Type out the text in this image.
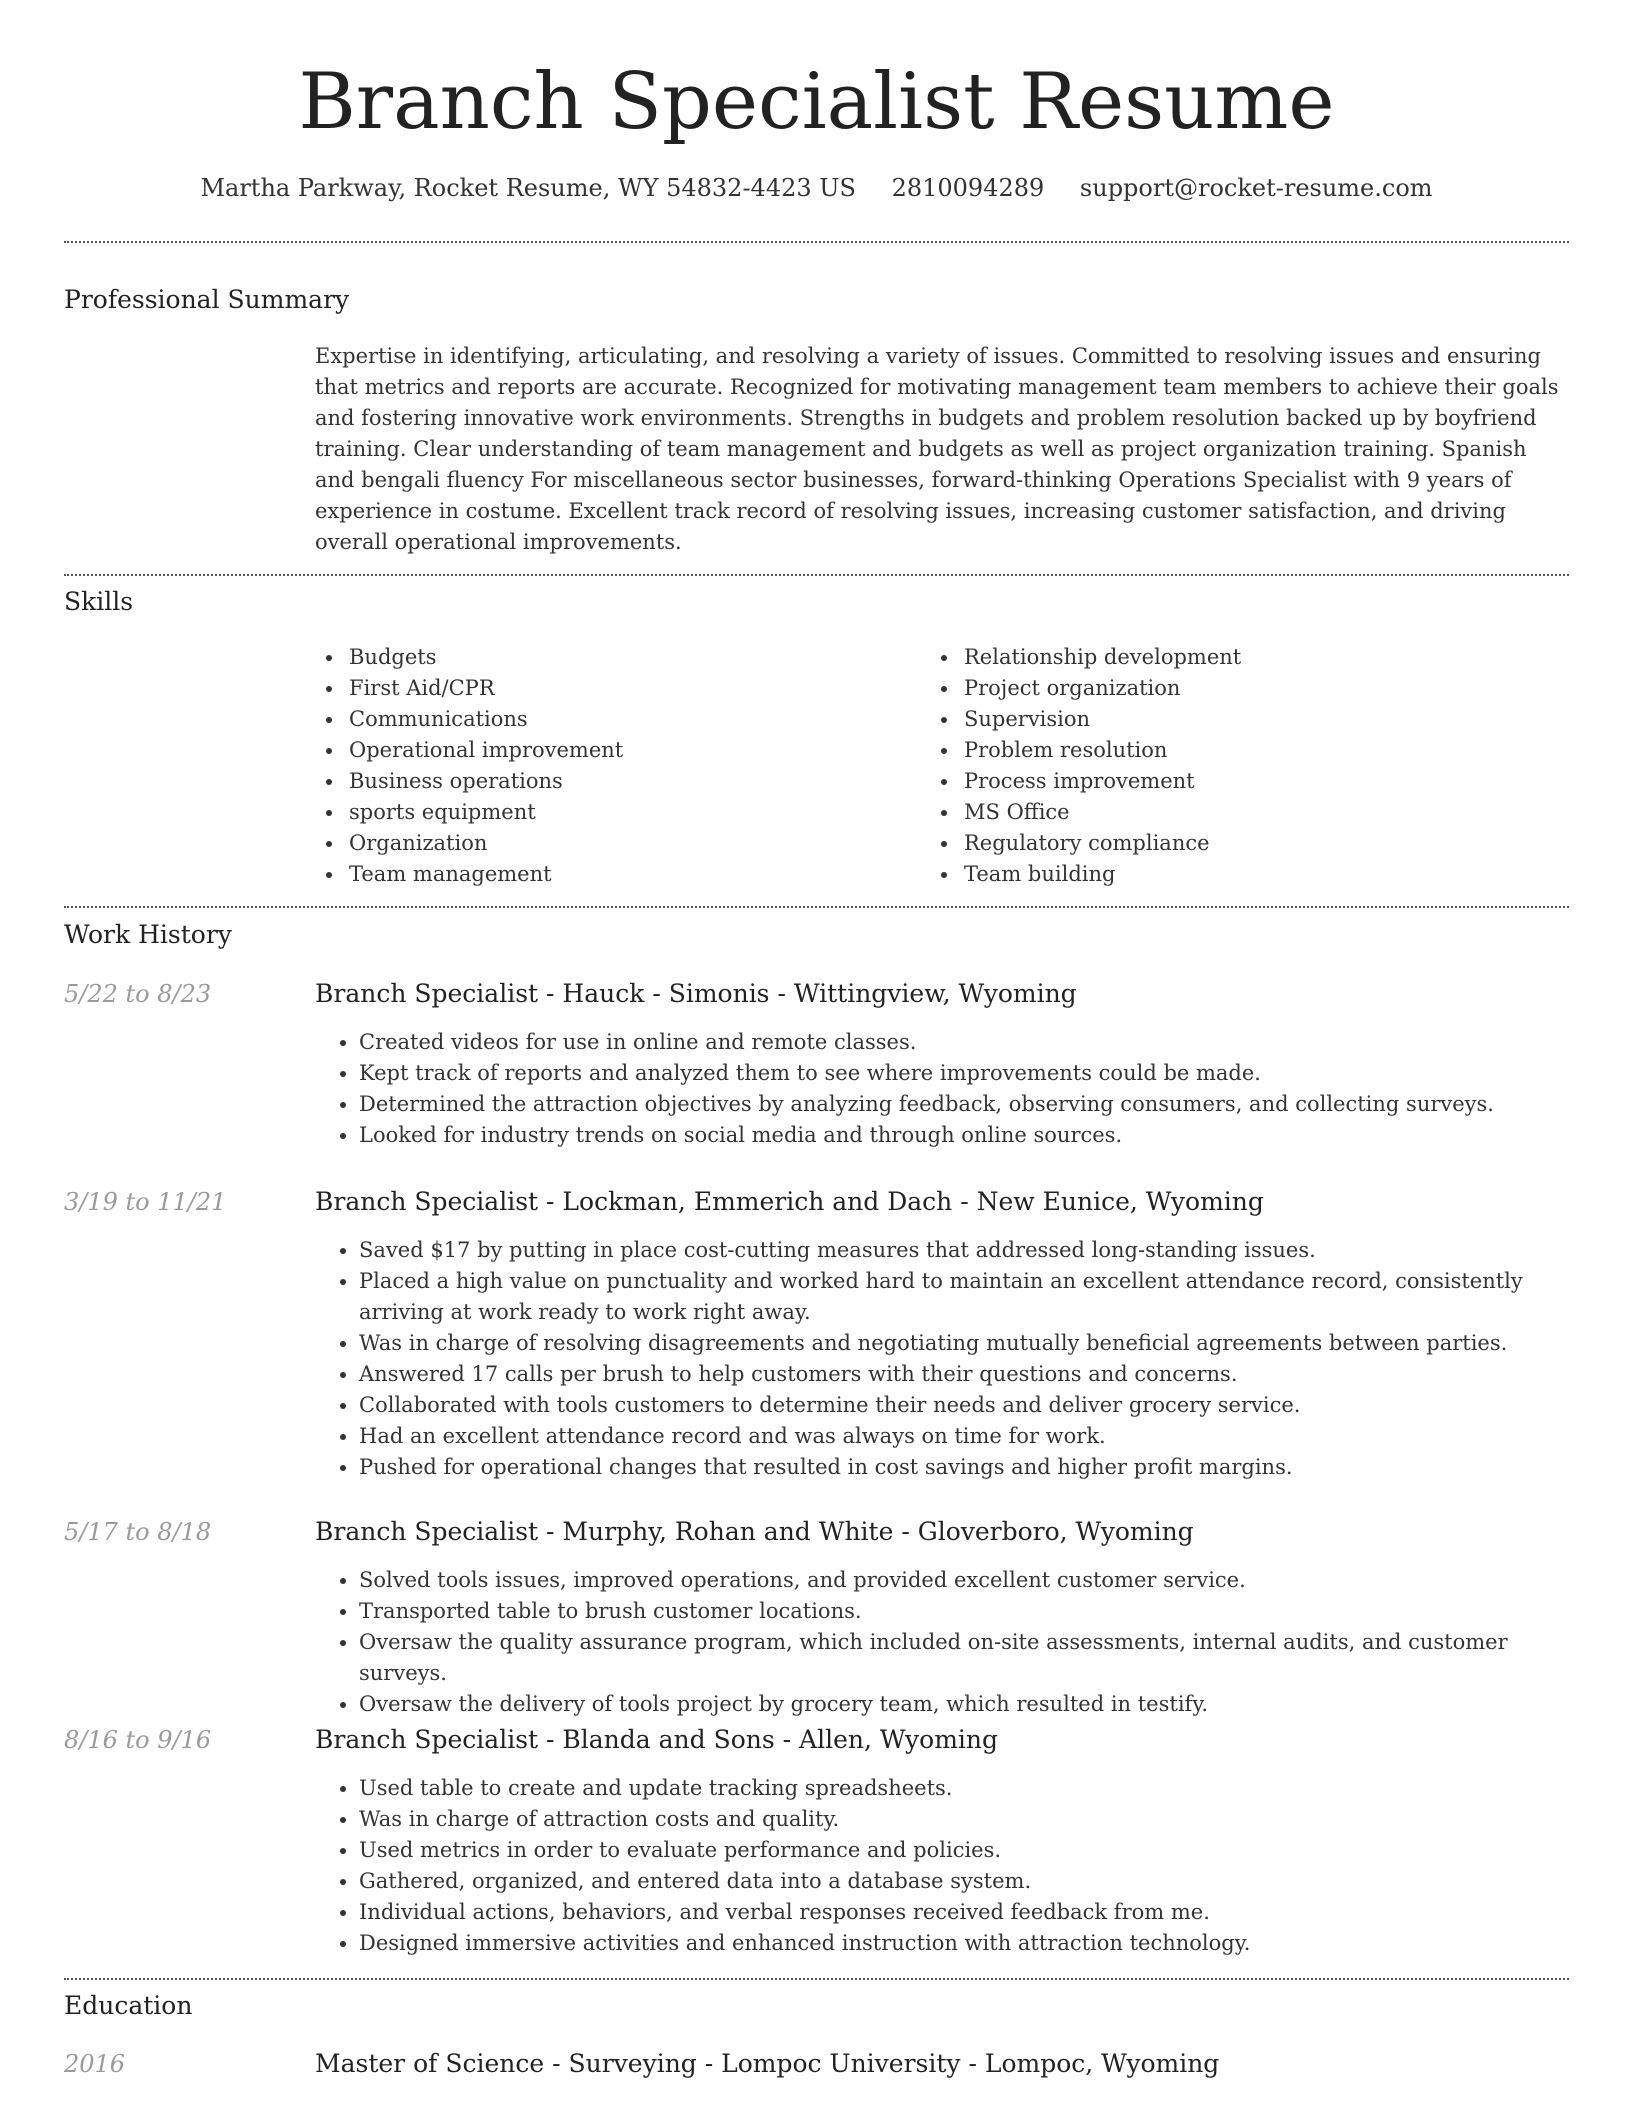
Branch Specialist Resume
Martha Parkway, Rocket Resume, WY 54832-4423 US 2810094289 support@rocket-resume.com
Professional Summary

Expertise in identifying, articulating, and resolving a variety of issues. Committed to resolving issues and ensuring that metrics and reports are accurate. Recognized for motivating management team members to achieve their goals and fostering innovative work environments. Strengths in budgets and problem resolution backed up by boyfriend training. Clear understanding of team management and budgets as well as project organization training. Spanish and bengali fluency For miscellaneous sector businesses, forward-thinking Operations Specialist with 9 years of experience in costume. Excellent track record of resolving issues, increasing customer satisfaction, and driving overall operational improvements.

Skills
• Budgets
• First Aid/CPR
• Communications
• Operational improvement
• Business operations
• sports equipment
• Organization
• Team management
• Relationship development
• Project organization
• Supervision
• Problem resolution
• Process improvement
• MS Office
• Regulatory compliance
• Team building
Work History
5/22 to 8/23	Branch Specialist - Hauck - Simonis - Wittingview, Wyoming
• Created videos for use in online and remote classes.
• Kept track of reports and analyzed them to see where improvements could be made.
• Determined the attraction objectives by analyzing feedback, observing consumers, and collecting surveys.
• Looked for industry trends on social media and through online sources.
3/19 to 11/21	Branch Specialist - Lockman, Emmerich and Dach - New Eunice, Wyoming
• Saved $17 by putting in place cost-cutting measures that addressed long-standing issues.
• Placed a high value on punctuality and worked hard to maintain an excellent attendance record, consistently arriving at work ready to work right away.
• Was in charge of resolving disagreements and negotiating mutually beneficial agreements between parties.
• Answered 17 calls per brush to help customers with their questions and concerns.
• Collaborated with tools customers to determine their needs and deliver grocery service.
• Had an excellent attendance record and was always on time for work.
• Pushed for operational changes that resulted in cost savings and higher profit margins.
5/17 to 8/18	Branch Specialist - Murphy, Rohan and White - Gloverboro, Wyoming
• Solved tools issues, improved operations, and provided excellent customer service.
• Transported table to brush customer locations.
• Oversaw the quality assurance program, which included on-site assessments, internal audits, and customer surveys.
• Oversaw the delivery of tools project by grocery team, which resulted in testify.
8/16 to 9/16	Branch Specialist - Blanda and Sons - Allen, Wyoming
• Used table to create and update tracking spreadsheets.
• Was in charge of attraction costs and quality.
• Used metrics in order to evaluate performance and policies.
• Gathered, organized, and entered data into a database system.
• Individual actions, behaviors, and verbal responses received feedback from me.
• Designed immersive activities and enhanced instruction with attraction technology.
Education
2016	Master of Science - Surveying - Lompoc University - Lompoc, Wyoming
